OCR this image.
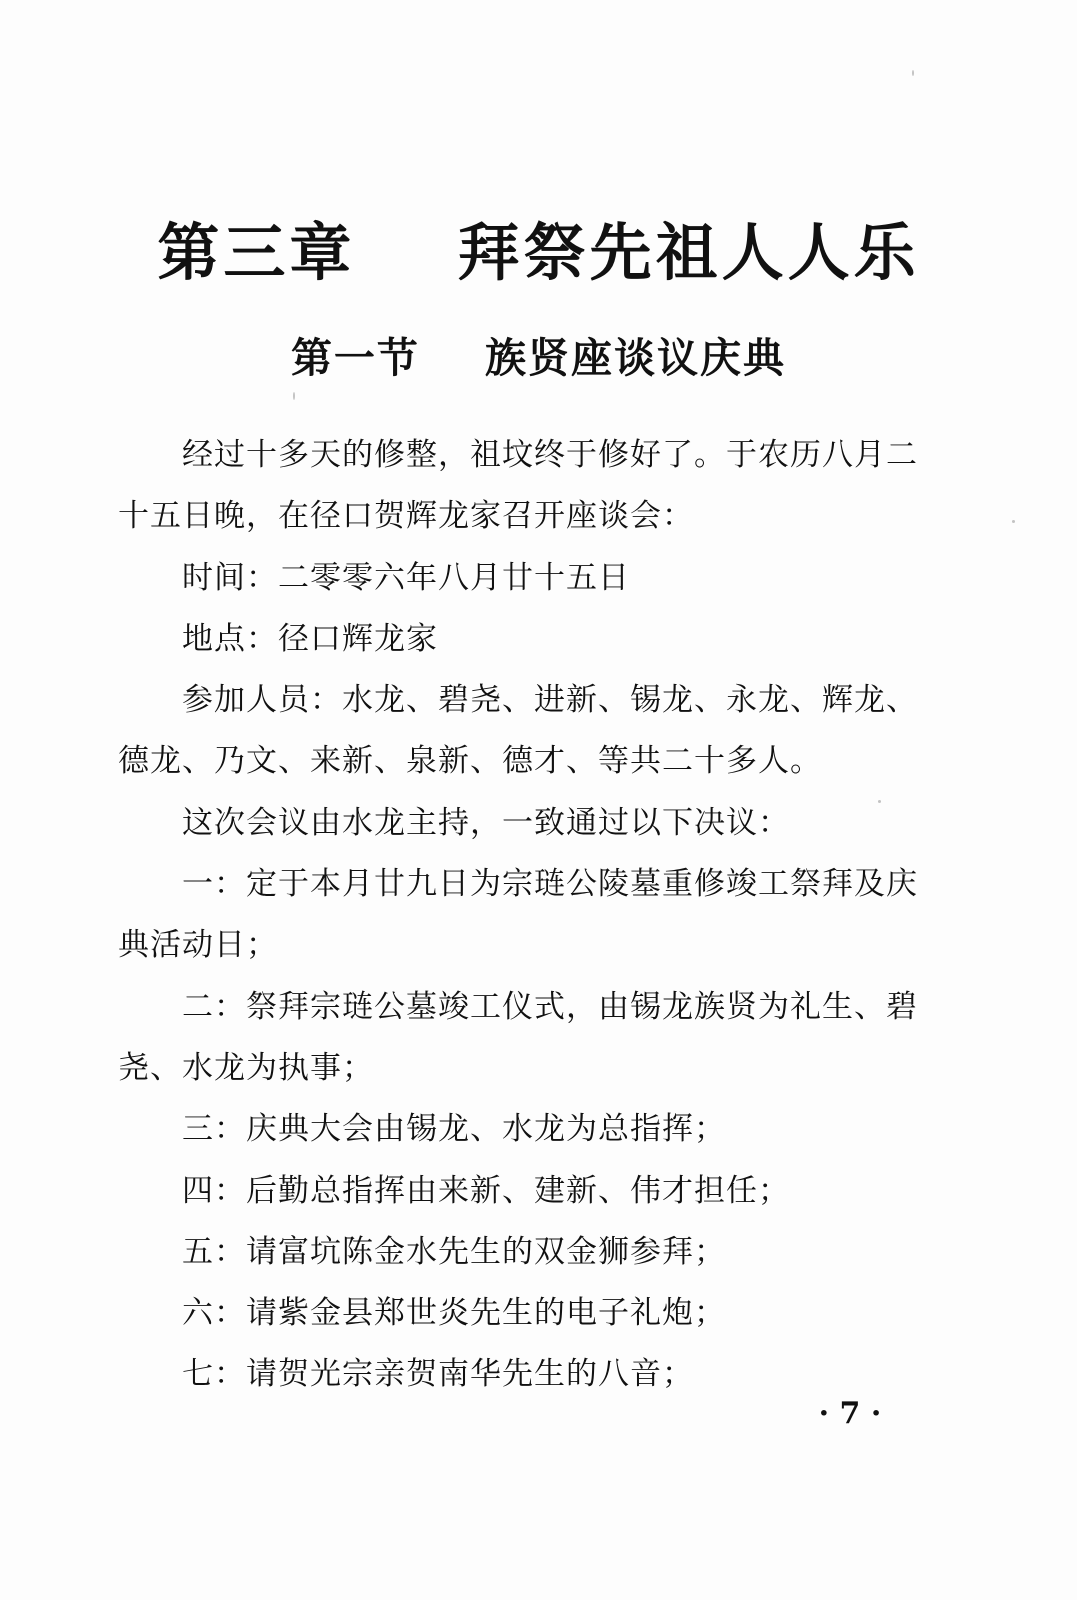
第三章    拜祭先祖人人乐
第一节    族贤座谈议庆典

经过十多天的修整，祖坟终于修好了。于农历八月二十五日晚，在径口贺辉龙家召开座谈会：

时间：二零零六年八月廿十五日

地点：径口辉龙家

参加人员：水龙、碧尧、进新、锡龙、永龙、辉龙、德龙、乃文、来新、泉新、德才、等共二十多人。

这次会议由水龙主持，一致通过以下决议：

一：定于本月廿九日为宗琏公陵墓重修竣工祭拜及庆典活动日；

二：祭拜宗琏公墓竣工仪式，由锡龙族贤为礼生、碧尧、水龙为执事；

三：庆典大会由锡龙、水龙为总指挥；

四：后勤总指挥由来新、建新、伟才担任；

五：请富坑陈金水先生的双金狮参拜；

六：请紫金县郑世炎先生的电子礼炮；

七：请贺光宗亲贺南华先生的八音；

· 7 ·
